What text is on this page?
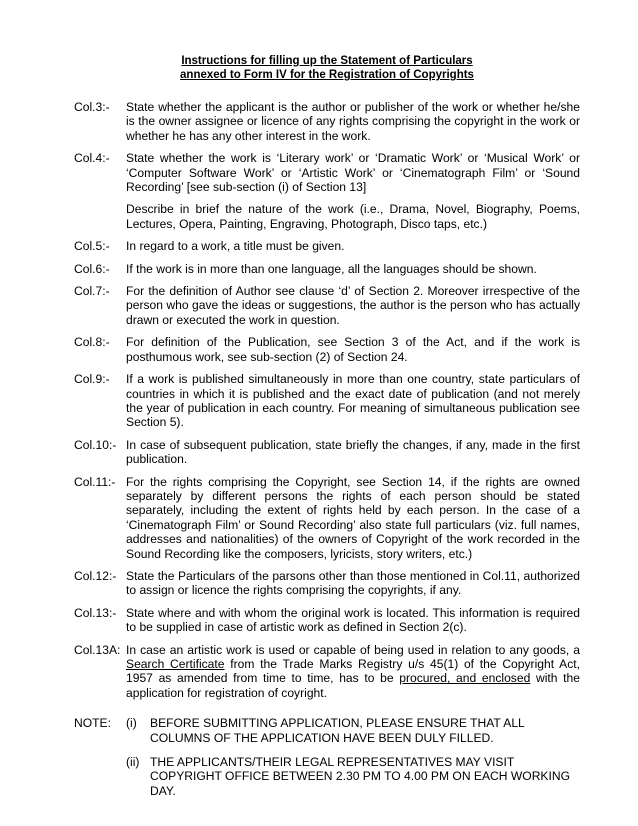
Instructions for filling up the Statement of Particulars
annexed to Form IV for the Registration of Copyrights
Col.3:-	State whether the applicant is the author or publisher of the work or whether he/she is the owner assignee or licence of any rights comprising the copyright in the work or whether he has any other interest in the work.

Col.4:-	State whether the work is ‘Literary work’ or ‘Dramatic Work’ or ‘Musical Work’ or ‘Computer Software Work’ or ‘Artistic Work’ or ‘Cinematograph Film’ or ‘Sound Recording’ [see sub-section (i) of Section 13]

Describe in brief the nature of the work (i.e., Drama, Novel, Biography, Poems, Lectures, Opera, Painting, Engraving, Photograph, Disco taps, etc.)

Col.5:-	In regard to a work, a title must be given.

Col.6:-	If the work is in more than one language, all the languages should be shown.

Col.7:-	For the definition of Author see clause ‘d’ of Section 2. Moreover irrespective of the person who gave the ideas or suggestions, the author is the person who has actually drawn or executed the work in question.

Col.8:-	For definition of the Publication, see Section 3 of the Act, and if the work is posthumous work, see sub-section (2) of Section 24.

Col.9:-	If a work is published simultaneously in more than one country, state particulars of countries in which it is published and the exact date of publication (and not merely the year of publication in each country. For meaning of simultaneous publication see Section 5).

Col.10:- In case of subsequent publication, state briefly the changes, if any, made in the first publication.

Col.11:- For the rights comprising the Copyright, see Section 14, if the rights are owned separately by different persons the rights of each person should be stated separately, including the extent of rights held by each person. In the case of a ‘Cinematograph Film’ or Sound Recording’ also state full particulars (viz. full names, addresses and nationalities) of the owners of Copyright of the work recorded in the Sound Recording like the composers, lyricists, story writers, etc.)

Col.12:- State the Particulars of the parsons other than those mentioned in Col.11, authorized to assign or licence the rights comprising the copyrights, if any.

Col.13:- State where and with whom the original work is located. This information is required to be supplied in case of artistic work as defined in Section 2(c).

Col.13A: In case an artistic work is used or capable of being used in relation to any goods, a Search Certificate from the Trade Marks Registry u/s 45(1) of the Copyright Act, 1957 as amended from time to time, has to be procured, and enclosed with the application for registration of coyright.

NOTE:	(i)	BEFORE SUBMITTING APPLICATION, PLEASE ENSURE THAT ALL COLUMNS OF THE APPLICATION HAVE BEEN DULY FILLED.
(ii) THE APPLICANTS/THEIR LEGAL REPRESENTATIVES MAY VISIT COPYRIGHT OFFICE BETWEEN 2.30 PM TO 4.00 PM ON EACH WORKING DAY.
